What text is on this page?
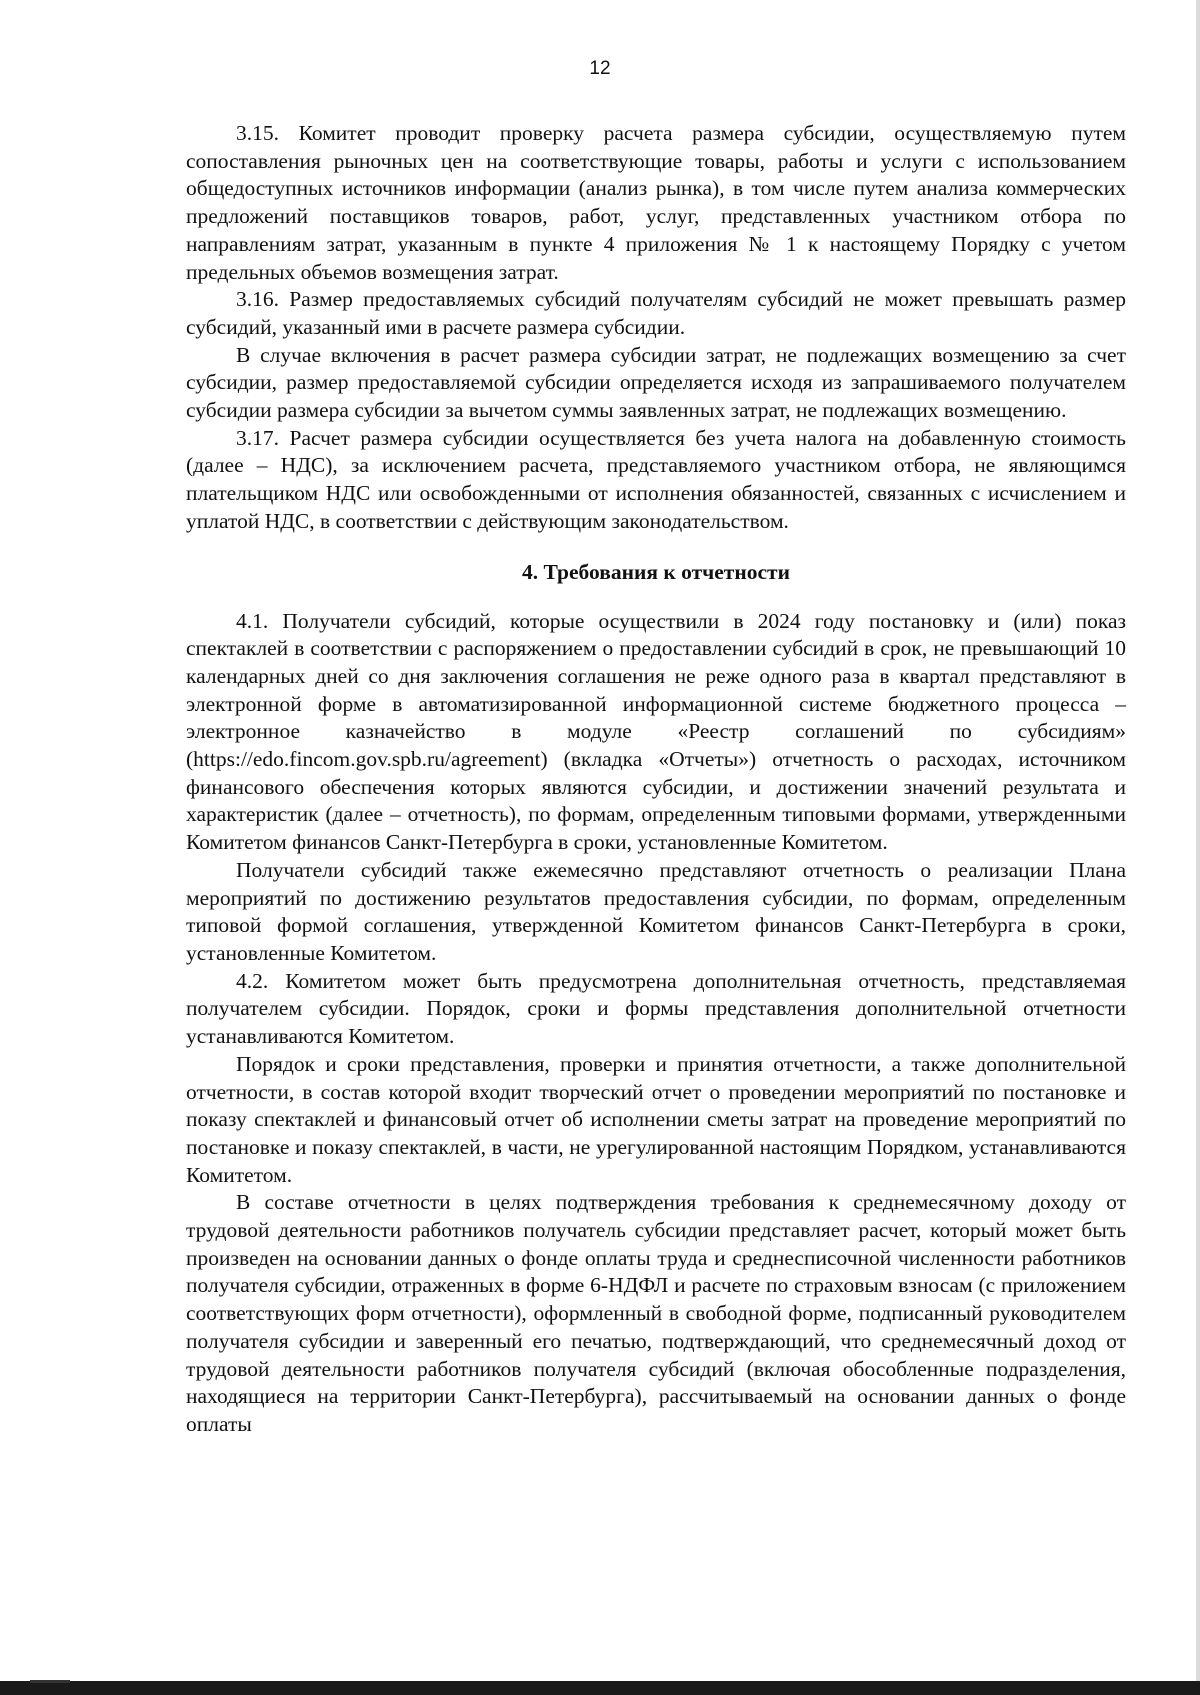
12

3.15. Комитет проводит проверку расчета размера субсидии, осуществляемую путем сопоставления рыночных цен на соответствующие товары, работы и услуги с использованием общедоступных источников информации (анализ рынка), в том числе путем анализа коммерческих предложений поставщиков товаров, работ, услуг, представленных участником отбора по направлениям затрат, указанным в пункте 4 приложения № 1 к настоящему Порядку с учетом предельных объемов возмещения затрат.

3.16. Размер предоставляемых субсидий получателям субсидий не может превышать размер субсидий, указанный ими в расчете размера субсидии.

В случае включения в расчет размера субсидии затрат, не подлежащих возмещению за счет субсидии, размер предоставляемой субсидии определяется исходя из запрашиваемого получателем субсидии размера субсидии за вычетом суммы заявленных затрат, не подлежащих возмещению.

3.17. Расчет размера субсидии осуществляется без учета налога на добавленную стоимость (далее – НДС), за исключением расчета, представляемого участником отбора, не являющимся плательщиком НДС или освобожденными от исполнения обязанностей, связанных с исчислением и уплатой НДС, в соответствии с действующим законодательством.

4. Требования к отчетности

4.1. Получатели субсидий, которые осуществили в 2024 году постановку и (или) показ спектаклей в соответствии с распоряжением о предоставлении субсидий в срок, не превышающий 10 календарных дней со дня заключения соглашения не реже одного раза в квартал представляют в электронной форме в автоматизированной информационной системе бюджетного процесса – электронное казначейство в модуле «Реестр соглашений по субсидиям» (https://edo.fincom.gov.spb.ru/agreement) (вкладка «Отчеты») отчетность о расходах, источником финансового обеспечения которых являются субсидии, и достижении значений результата и характеристик (далее – отчетность), по формам, определенным типовыми формами, утвержденными Комитетом финансов Санкт-Петербурга в сроки, установленные Комитетом.

Получатели субсидий также ежемесячно представляют отчетность о реализации Плана мероприятий по достижению результатов предоставления субсидии, по формам, определенным типовой формой соглашения, утвержденной Комитетом финансов Санкт-Петербурга в сроки, установленные Комитетом.

4.2. Комитетом может быть предусмотрена дополнительная отчетность, представляемая получателем субсидии. Порядок, сроки и формы представления дополнительной отчетности устанавливаются Комитетом.

Порядок и сроки представления, проверки и принятия отчетности, а также дополнительной отчетности, в состав которой входит творческий отчет о проведении мероприятий по постановке и показу спектаклей и финансовый отчет об исполнении сметы затрат на проведение мероприятий по постановке и показу спектаклей, в части, не урегулированной настоящим Порядком, устанавливаются Комитетом.

В составе отчетности в целях подтверждения требования к среднемесячному доходу от трудовой деятельности работников получатель субсидии представляет расчет, который может быть произведен на основании данных о фонде оплаты труда и среднесписочной численности работников получателя субсидии, отраженных в форме 6-НДФЛ и расчете по страховым взносам (с приложением соответствующих форм отчетности), оформленный в свободной форме, подписанный руководителем получателя субсидии и заверенный его печатью, подтверждающий, что среднемесячный доход от трудовой деятельности работников получателя субсидий (включая обособленные подразделения, находящиеся на территории Санкт-Петербурга), рассчитываемый на основании данных о фонде оплаты
